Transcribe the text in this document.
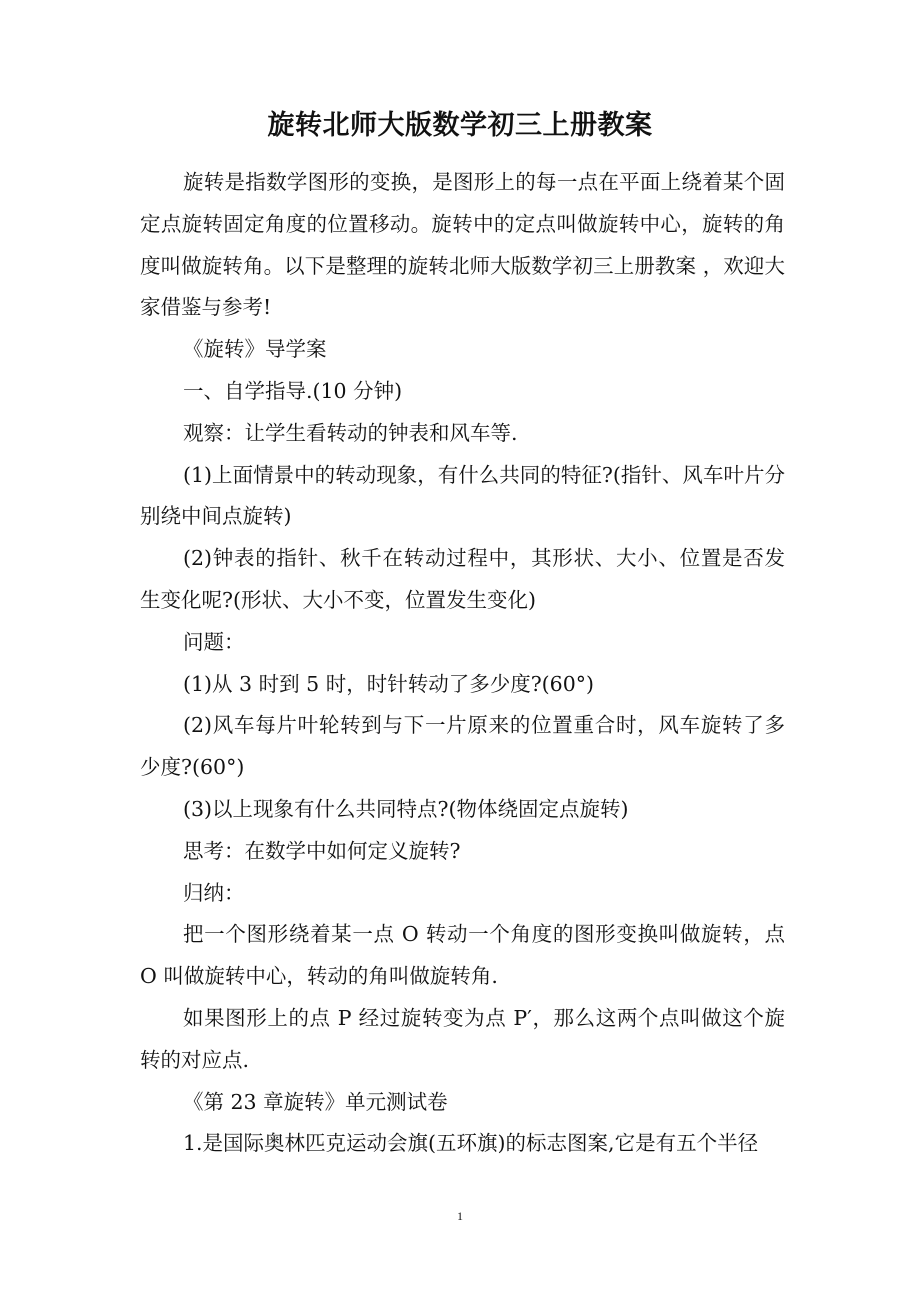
旋转北师大版数学初三上册教案

旋转是指数学图形的变换，是图形上的每一点在平面上绕着某个固定点旋转固定角度的位置移动。旋转中的定点叫做旋转中心，旋转的角度叫做旋转角。以下是整理的旋转北师大版数学初三上册教案 ，欢迎大家借鉴与参考!

《旋转》导学案

一、自学指导.(10 分钟)

观察：让学生看转动的钟表和风车等.

(1)上面情景中的转动现象，有什么共同的特征?(指针、风车叶片分别绕中间点旋转)

(2)钟表的指针、秋千在转动过程中，其形状、大小、位置是否发生变化呢?(形状、大小不变，位置发生变化)

问题：

(1)从 3 时到 5 时，时针转动了多少度?(60°)

(2)风车每片叶轮转到与下一片原来的位置重合时，风车旋转了多少度?(60°)

(3)以上现象有什么共同特点?(物体绕固定点旋转)

思考：在数学中如何定义旋转?

归纳：

把一个图形绕着某一点 O 转动一个角度的图形变换叫做旋转，点 O 叫做旋转中心，转动的角叫做旋转角.

如果图形上的点 P 经过旋转变为点 P′，那么这两个点叫做这个旋转的对应点.

《第 23 章旋转》单元测试卷

1.是国际奥林匹克运动会旗(五环旗)的标志图案,它是有五个半径

1
